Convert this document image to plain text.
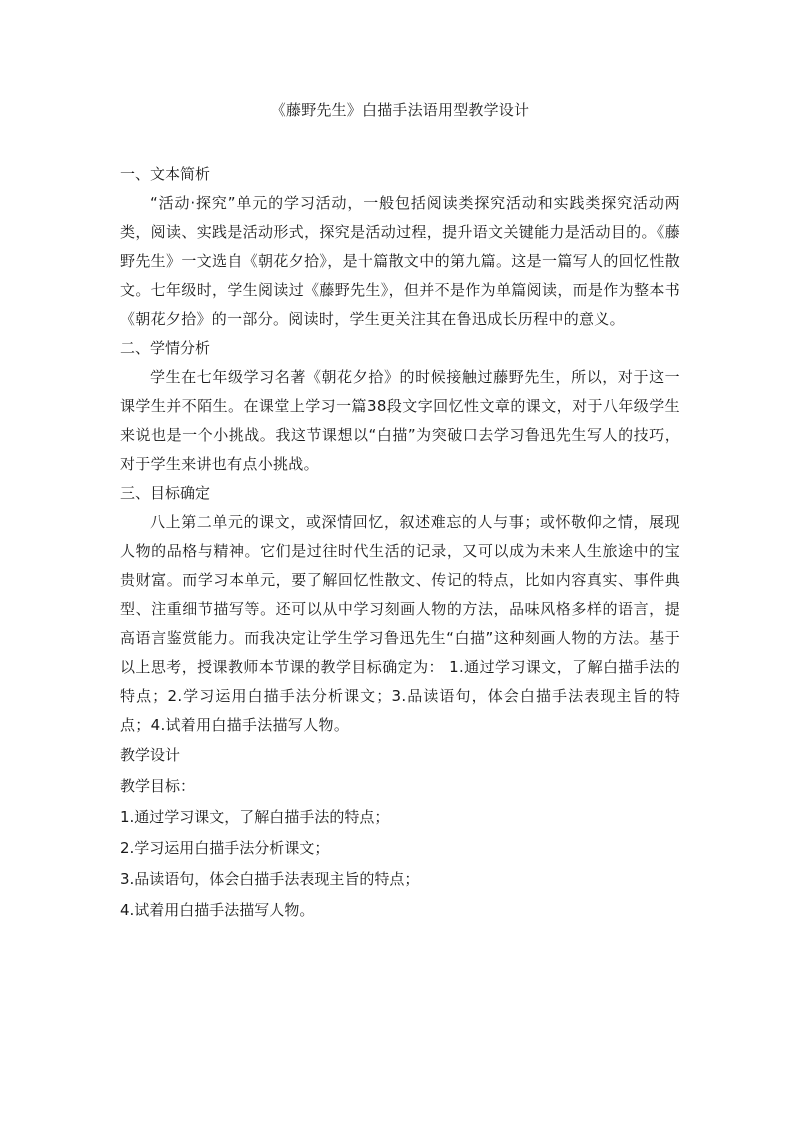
《藤野先生》白描手法语用型教学设计

一、文本简析

“活动·探究”单元的学习活动，一般包括阅读类探究活动和实践类探究活动两类，阅读、实践是活动形式，探究是活动过程，提升语文关键能力是活动目的。《藤野先生》一文选自《朝花夕拾》，是十篇散文中的第九篇。这是一篇写人的回忆性散文。七年级时，学生阅读过《藤野先生》，但并不是作为单篇阅读，而是作为整本书《朝花夕拾》的一部分。阅读时，学生更关注其在鲁迅成长历程中的意义。

二、学情分析

学生在七年级学习名著《朝花夕拾》的时候接触过藤野先生，所以，对于这一课学生并不陌生。在课堂上学习一篇38段文字回忆性文章的课文，对于八年级学生来说也是一个小挑战。我这节课想以“白描”为突破口去学习鲁迅先生写人的技巧，对于学生来讲也有点小挑战。

三、目标确定

八上第二单元的课文，或深情回忆，叙述难忘的人与事；或怀敬仰之情，展现人物的品格与精神。它们是过往时代生活的记录，又可以成为未来人生旅途中的宝贵财富。而学习本单元，要了解回忆性散文、传记的特点，比如内容真实、事件典型、注重细节描写等。还可以从中学习刻画人物的方法，品味风格多样的语言，提高语言鉴赏能力。而我决定让学生学习鲁迅先生“白描”这种刻画人物的方法。基于以上思考，授课教师本节课的教学目标确定为： 1.通过学习课文，了解白描手法的特点；2.学习运用白描手法分析课文；3.品读语句，体会白描手法表现主旨的特点；4.试着用白描手法描写人物。

教学设计

教学目标：

1.通过学习课文，了解白描手法的特点；

2.学习运用白描手法分析课文；

3.品读语句，体会白描手法表现主旨的特点；

4.试着用白描手法描写人物。
